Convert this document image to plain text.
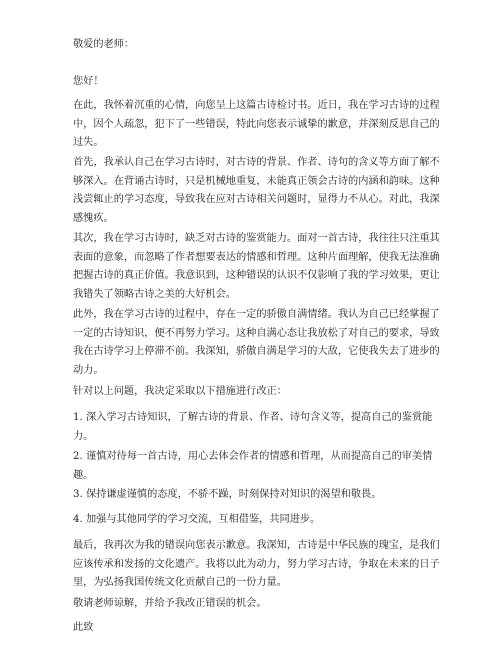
敬爱的老师：

您好！

在此，我怀着沉重的心情，向您呈上这篇古诗检讨书。近日，我在学习古诗的过程

中，因个人疏忽，犯下了一些错误，特此向您表示诚挚的歉意，并深刻反思自己的

过失。

首先，我承认自己在学习古诗时，对古诗的背景、作者、诗句的含义等方面了解不

够深入。在背诵古诗时，只是机械地重复，未能真正领会古诗的内涵和韵味。这种

浅尝辄止的学习态度，导致我在应对古诗相关问题时，显得力不从心。对此，我深

感愧疚。

其次，我在学习古诗时，缺乏对古诗的鉴赏能力。面对一首古诗，我往往只注重其

表面的意象，而忽略了作者想要表达的情感和哲理。这种片面理解，使我无法准确

把握古诗的真正价值。我意识到，这种错误的认识不仅影响了我的学习效果，更让

我错失了领略古诗之美的大好机会。

此外，我在学习古诗的过程中，存在一定的骄傲自满情绪。我认为自己已经掌握了

一定的古诗知识，便不再努力学习。这种自满心态让我放松了对自己的要求，导致

我在古诗学习上停滞不前。我深知，骄傲自满是学习的大敌，它使我失去了进步的

动力。

针对以上问题，我决定采取以下措施进行改正：

1. 深入学习古诗知识，了解古诗的背景、作者、诗句含义等，提高自己的鉴赏能

力。

2. 谨慎对待每一首古诗，用心去体会作者的情感和哲理，从而提高自己的审美情

趣。

3. 保持谦虚谨慎的态度，不骄不躁，时刻保持对知识的渴望和敬畏。

4. 加强与其他同学的学习交流，互相借鉴，共同进步。

最后，我再次为我的错误向您表示歉意。我深知，古诗是中华民族的瑰宝，是我们

应该传承和发扬的文化遗产。我将以此为动力，努力学习古诗，争取在未来的日子

里，为弘扬我国传统文化贡献自己的一份力量。

敬请老师谅解，并给予我改正错误的机会。

此致
